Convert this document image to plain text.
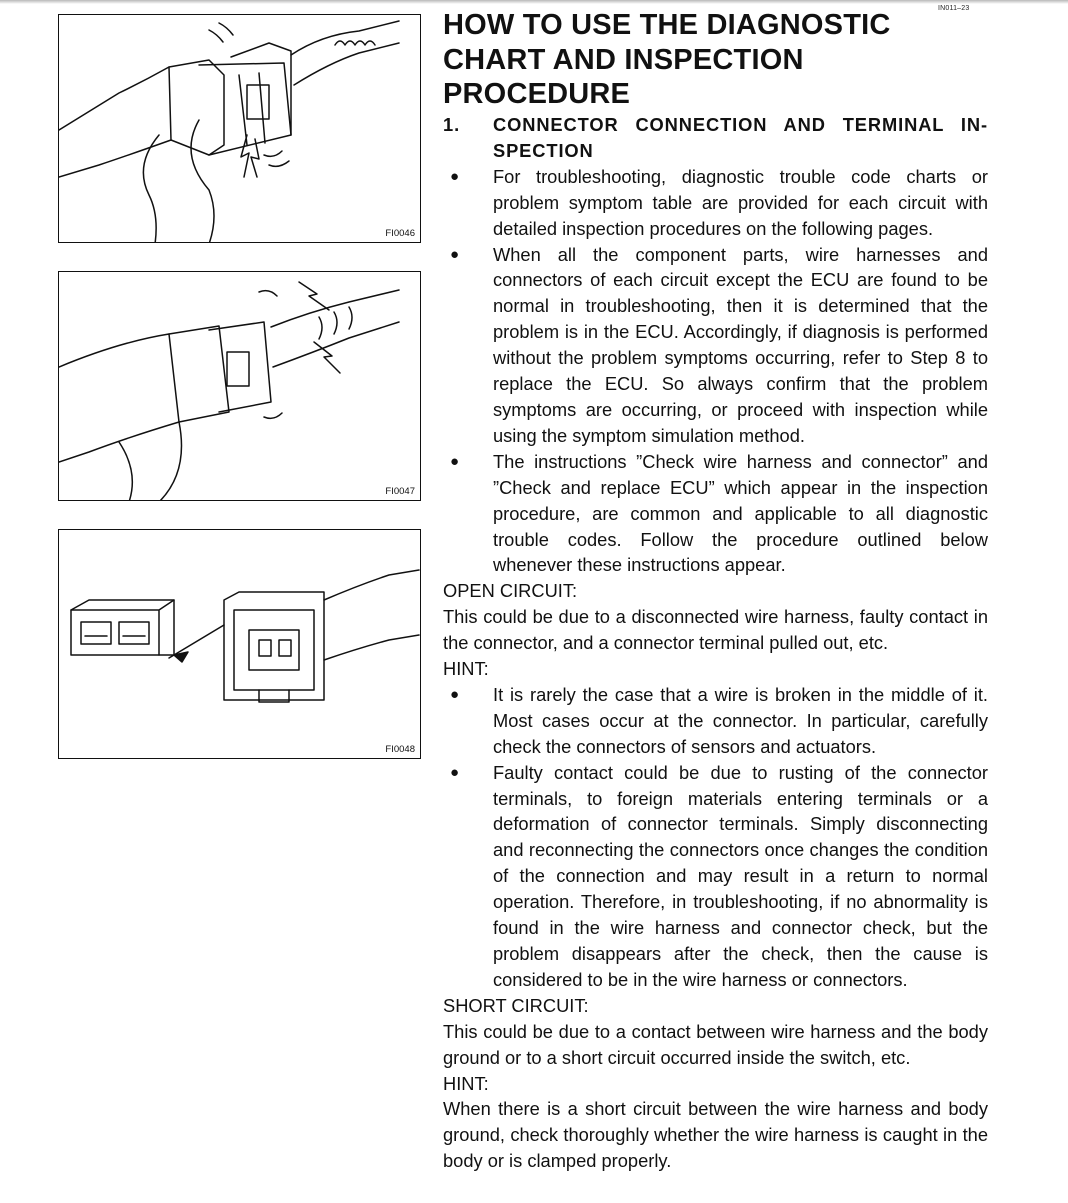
IN011–23
FI0046
FI0047
FI0048
HOW TO USE THE DIAGNOSTIC
CHART AND INSPECTION
PROCEDURE

1. CONNECTOR CONNECTION AND TERMINAL IN-SPECTION

● For troubleshooting, diagnostic trouble code charts or problem symptom table are provided for each circuit with detailed inspection procedures on the following pages.

● When all the component parts, wire harnesses and connectors of each circuit except the ECU are found to be normal in troubleshooting, then it is determined that the problem is in the ECU. Accordingly, if diagnosis is performed without the problem symptoms occurring, refer to Step 8 to replace the ECU. So always confirm that the problem symptoms are occurring, or proceed with inspection while using the symptom simulation method.

● The instructions ”Check wire harness and connector” and ”Check and replace ECU” which appear in the inspection procedure, are common and applicable to all diagnostic trouble codes. Follow the procedure outlined below whenever these instructions appear.

OPEN CIRCUIT:

This could be due to a disconnected wire harness, faulty contact in the connector, and a connector terminal pulled out, etc.

HINT:

● It is rarely the case that a wire is broken in the middle of it. Most cases occur at the connector. In particular, carefully check the connectors of sensors and actuators.

● Faulty contact could be due to rusting of the connector terminals, to foreign materials entering terminals or a deformation of connector terminals. Simply disconnecting and reconnecting the connectors once changes the condition of the connection and may result in a return to normal operation. Therefore, in troubleshooting, if no abnormality is found in the wire harness and connector check, but the problem disappears after the check, then the cause is considered to be in the wire harness or connectors.

SHORT CIRCUIT:

This could be due to a contact between wire harness and the body ground or to a short circuit occurred inside the switch, etc.

HINT:

When there is a short circuit between the wire harness and body ground, check thoroughly whether the wire harness is caught in the body or is clamped properly.
